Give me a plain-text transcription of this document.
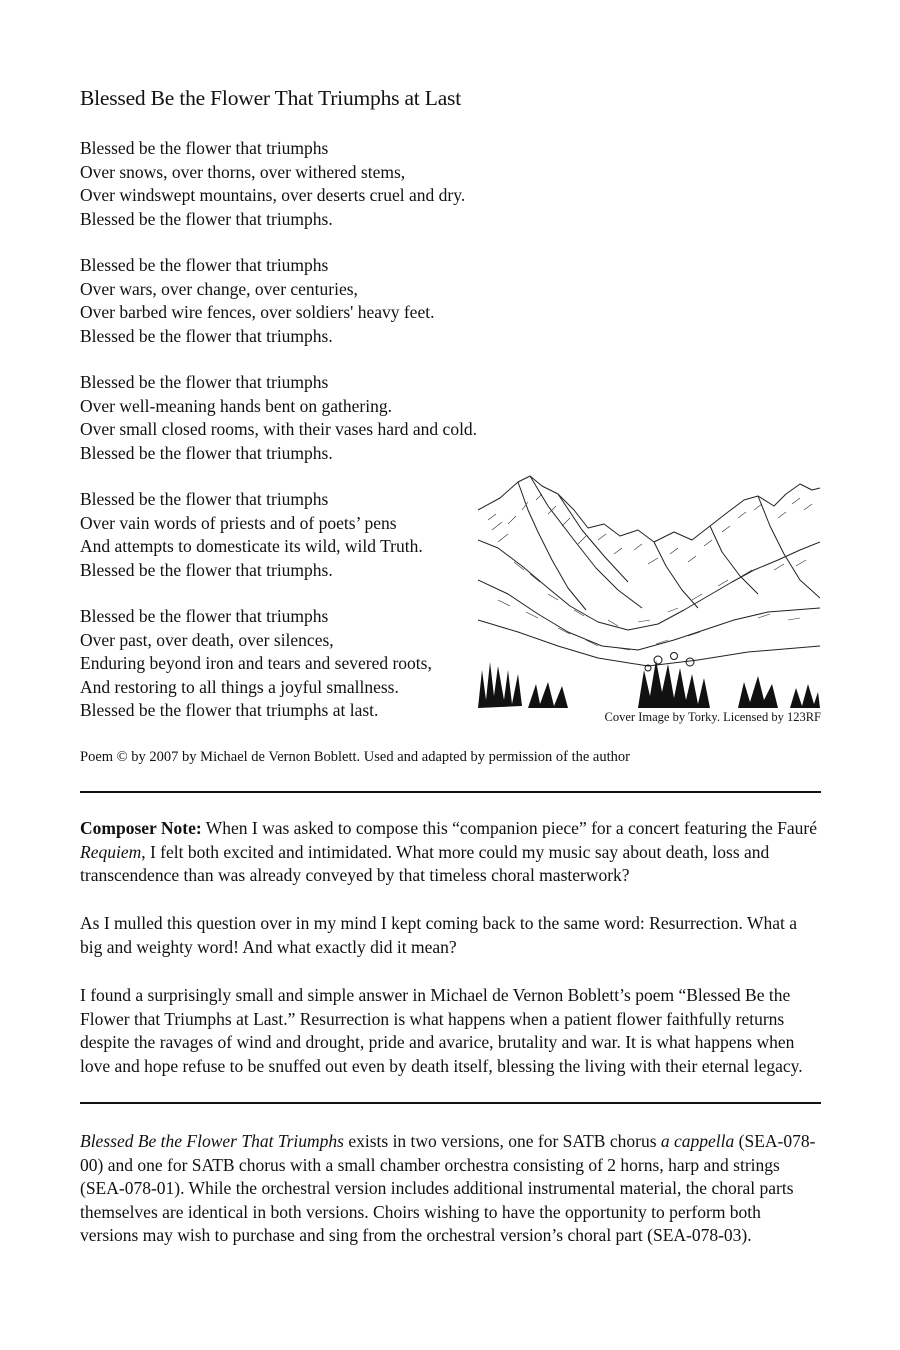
Blessed Be the Flower That Triumphs at Last
Blessed be the flower that triumphs
Over snows, over thorns, over withered stems,
Over windswept mountains, over deserts cruel and dry.
Blessed be the flower that triumphs.
Blessed be the flower that triumphs
Over wars, over change, over centuries,
Over barbed wire fences, over soldiers' heavy feet.
Blessed be the flower that triumphs.
Blessed be the flower that triumphs
Over well-meaning hands bent on gathering.
Over small closed rooms, with their vases hard and cold.
Blessed be the flower that triumphs.
Blessed be the flower that triumphs
Over vain words of priests and of poets’ pens
And attempts to domesticate its wild, wild Truth.
Blessed be the flower that triumphs.
Blessed be the flower that triumphs
Over past, over death, over silences,
Enduring beyond iron and tears and severed roots,
And restoring to all things a joyful smallness.
Blessed be the flower that triumphs at last.	Cover Image by Torky. Licensed by 123RF
Poem © by 2007 by Michael de Vernon Boblett. Used and adapted by permission of the author
Composer Note: When I was asked to compose this “companion piece” for a concert featuring the Fauré Requiem, I felt both excited and intimidated. What more could my music say about death, loss and transcendence than was already conveyed by that timeless choral masterwork?
As I mulled this question over in my mind I kept coming back to the same word: Resurrection. What a big and weighty word! And what exactly did it mean?
I found a surprisingly small and simple answer in Michael de Vernon Boblett’s poem “Blessed Be the Flower that Triumphs at Last.” Resurrection is what happens when a patient flower faithfully returns despite the ravages of wind and drought, pride and avarice, brutality and war. It is what happens when love and hope refuse to be snuffed out even by death itself, blessing the living with their eternal legacy.
Blessed Be the Flower That Triumphs exists in two versions, one for SATB chorus a cappella (SEA-078-00) and one for SATB chorus with a small chamber orchestra consisting of 2 horns, harp and strings (SEA-078-01). While the orchestral version includes additional instrumental material, the choral parts themselves are identical in both versions. Choirs wishing to have the opportunity to perform both versions may wish to purchase and sing from the orchestral version’s choral part (SEA-078-03).
